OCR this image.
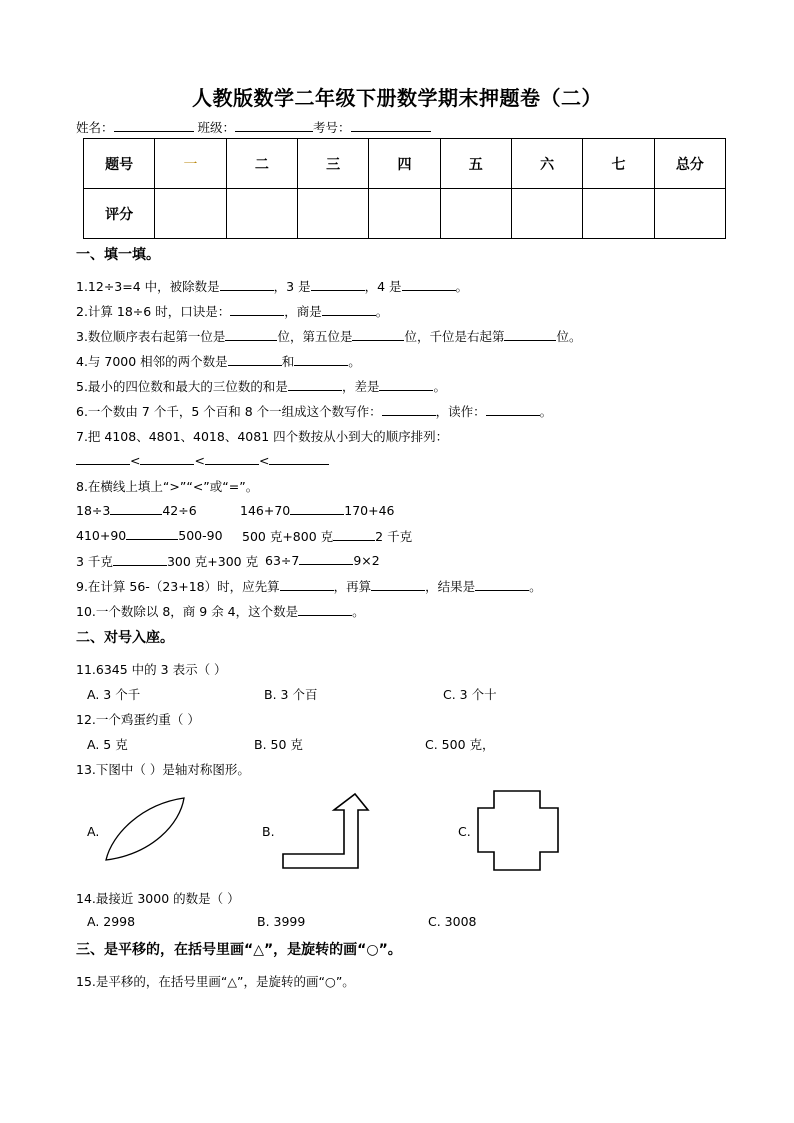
人教版数学二年级下册数学期末押题卷（二）
姓名：	班级：	考号：
题号	一	二	三	四	五	六	七	总分
评分								
一、填一填。
1.12÷3=4 中，被除数是	，3 是	，4 是	。
2.计算 18÷6 时，口诀是：	，商是	。
3.数位顺序表右起第一位是	位，第五位是	位，千位是右起第	位。
4.与 7000 相邻的两个数是	和	。
5.最小的四位数和最大的三位数的和是	，差是	。
6.一个数由 7 个千，5 个百和 8 个一组成这个数写作：	，读作：	。
7.把 4108、4801、4018、4081 四个数按从小到大的顺序排列：
<	<	<
8.在横线上填上“>”“<”或“=”。
18÷3	42÷6	146+70	170+46
410+90	500-90 500 克+800 克	2 千克
3 千克	300 克+300 克 63÷7	9×2
9.在计算 56-（23+18）时，应先算	，再算	，结果是	。
10.一个数除以 8，商 9 余 4，这个数是	。
二、对号入座。
11.6345 中的 3 表示（ ）
A. 3 个千	B. 3 个百	C. 3 个十
12.一个鸡蛋约重（ ）
A. 5 克	B. 50 克	C. 500 克，
13.下图中（ ）是轴对称图形。
A.	B.	C.
14.最接近 3000 的数是（ ）
A. 2998	B. 3999	C. 3008
三、是平移的，在括号里画“△”，是旋转的画“○”。
15.是平移的，在括号里画“△”，是旋转的画“○”。
